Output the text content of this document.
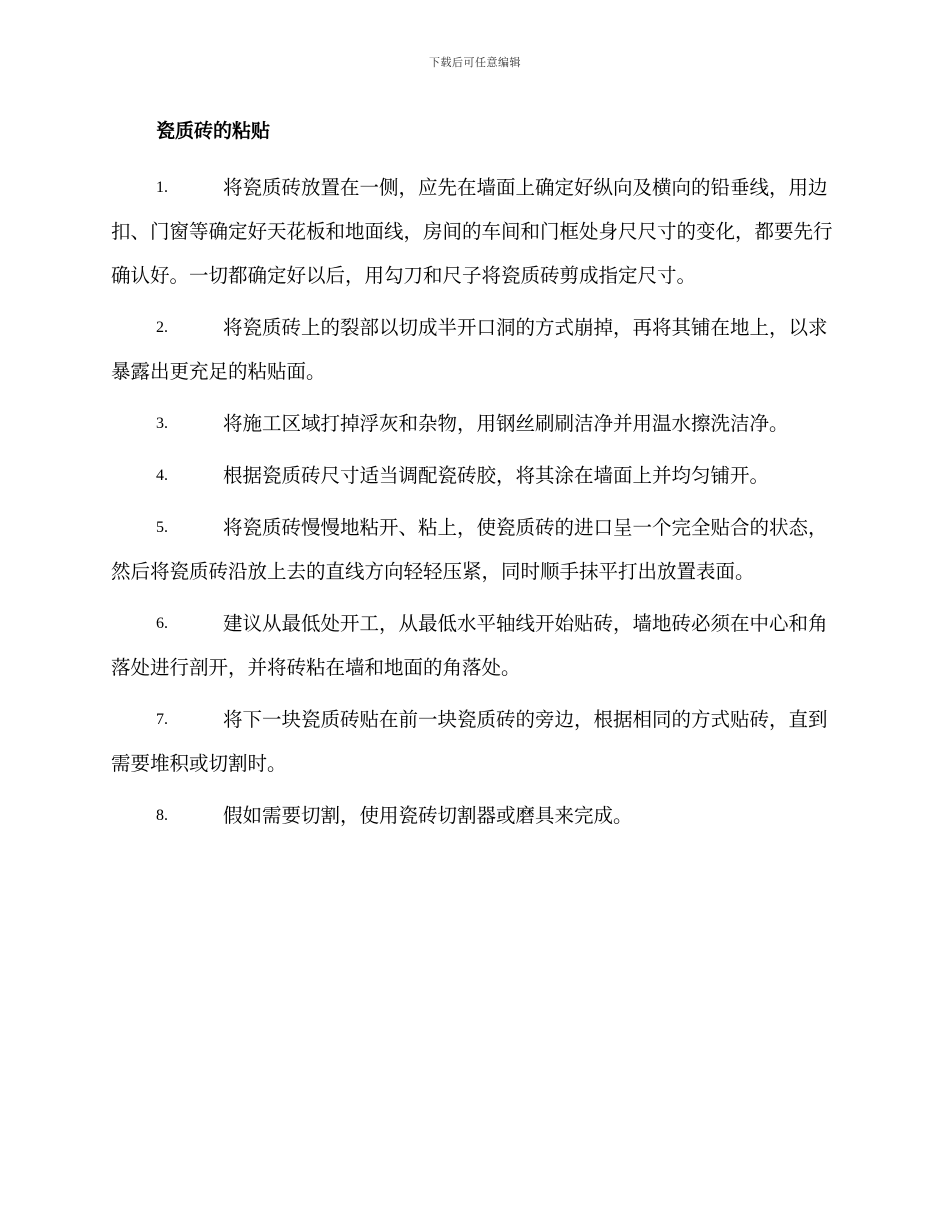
下载后可任意编辑
瓷质砖的粘贴

1.	将瓷质砖放置在一侧，应先在墙面上确定好纵向及横向的铅垂线，用边扣、门窗等确定好天花板和地面线，房间的车间和门框处身尺尺寸的变化，都要先行确认好。一切都确定好以后，用勾刀和尺子将瓷质砖剪成指定尺寸。

2.	将瓷质砖上的裂部以切成半开口洞的方式崩掉，再将其铺在地上，以求暴露出更充足的粘贴面。

3.	将施工区域打掉浮灰和杂物，用钢丝刷刷洁净并用温水擦洗洁净。

4.	根据瓷质砖尺寸适当调配瓷砖胶，将其涂在墙面上并均匀铺开。

5.	将瓷质砖慢慢地粘开、粘上，使瓷质砖的进口呈一个完全贴合的状态，然后将瓷质砖沿放上去的直线方向轻轻压紧，同时顺手抹平打出放置表面。

6.	建议从最低处开工，从最低水平轴线开始贴砖，墙地砖必须在中心和角落处进行剖开，并将砖粘在墙和地面的角落处。

7.	将下一块瓷质砖贴在前一块瓷质砖的旁边，根据相同的方式贴砖，直到需要堆积或切割时。

8.	假如需要切割，使用瓷砖切割器或磨具来完成。
